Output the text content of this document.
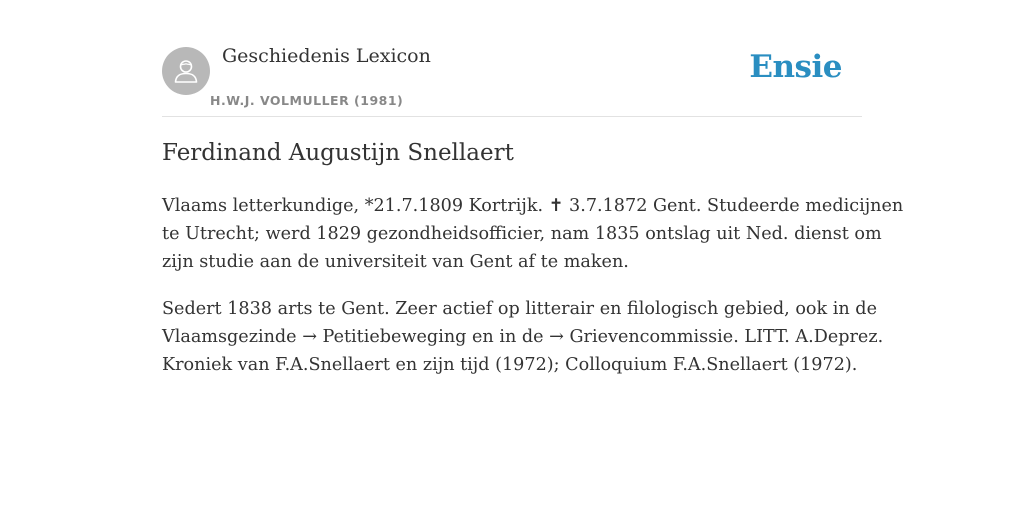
Geschiedenis Lexicon
H.W.J. VOLMULLER (1981)
Ensie
Ferdinand Augustijn Snellaert

Vlaams letterkundige, *21.7.1809 Kortrijk. ✝ 3.7.1872 Gent. Studeerde medicijnen
te Utrecht; werd 1829 gezondheidsofficier, nam 1835 ontslag uit Ned. dienst om
zijn studie aan de universiteit van Gent af te maken.

Sedert 1838 arts te Gent. Zeer actief op litterair en filologisch gebied, ook in de
Vlaamsgezinde → Petitiebeweging en in de → Grievencommissie. LITT. A.Deprez.
Kroniek van F.A.Snellaert en zijn tijd (1972); Colloquium F.A.Snellaert (1972).
